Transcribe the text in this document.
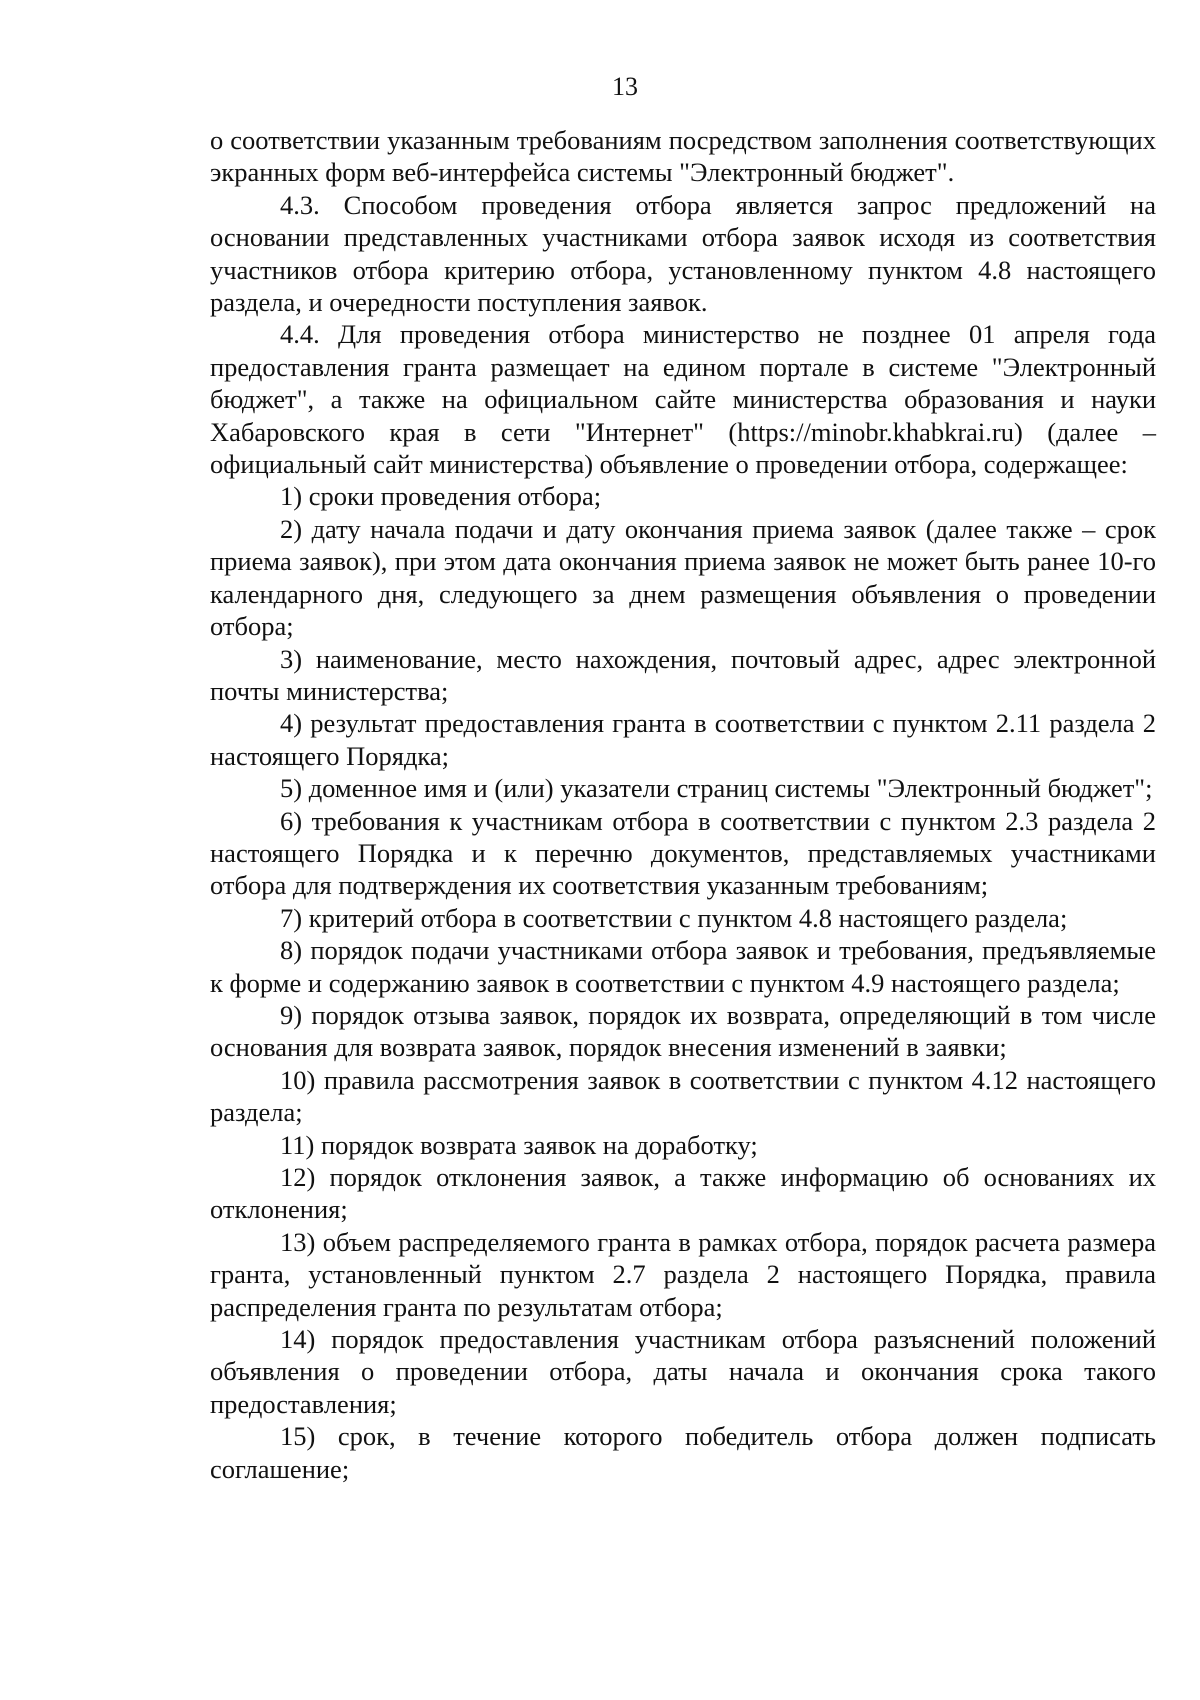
13

о соответствии указанным требованиям посредством заполнения соответствующих экранных форм веб-интерфейса системы "Электронный бюджет".

4.3. Способом проведения отбора является запрос предложений на основании представленных участниками отбора заявок исходя из соответствия участников отбора критерию отбора, установленному пунктом 4.8 настоящего раздела, и очередности поступления заявок.

4.4. Для проведения отбора министерство не позднее 01 апреля года предоставления гранта размещает на едином портале в системе "Электронный бюджет", а также на официальном сайте министерства образования и науки Хабаровского края в сети "Интернет" (https://minobr.khabkrai.ru) (далее – официальный сайт министерства) объявление о проведении отбора, содержащее:

1) сроки проведения отбора;

2) дату начала подачи и дату окончания приема заявок (далее также – срок приема заявок), при этом дата окончания приема заявок не может быть ранее 10-го календарного дня, следующего за днем размещения объявления о проведении отбора;

3) наименование, место нахождения, почтовый адрес, адрес электронной почты министерства;

4) результат предоставления гранта в соответствии с пунктом 2.11 раздела 2 настоящего Порядка;

5) доменное имя и (или) указатели страниц системы "Электронный бюджет";

6) требования к участникам отбора в соответствии с пунктом 2.3 раздела 2 настоящего Порядка и к перечню документов, представляемых участниками отбора для подтверждения их соответствия указанным требованиям;

7) критерий отбора в соответствии с пунктом 4.8 настоящего раздела;

8) порядок подачи участниками отбора заявок и требования, предъявляемые к форме и содержанию заявок в соответствии с пунктом 4.9 настоящего раздела;

9) порядок отзыва заявок, порядок их возврата, определяющий в том числе основания для возврата заявок, порядок внесения изменений в заявки;

10) правила рассмотрения заявок в соответствии с пунктом 4.12 настоящего раздела;

11) порядок возврата заявок на доработку;

12) порядок отклонения заявок, а также информацию об основаниях их отклонения;

13) объем распределяемого гранта в рамках отбора, порядок расчета размера гранта, установленный пунктом 2.7 раздела 2 настоящего Порядка, правила распределения гранта по результатам отбора;

14) порядок предоставления участникам отбора разъяснений положений объявления о проведении отбора, даты начала и окончания срока такого предоставления;

15) срок, в течение которого победитель отбора должен подписать соглашение;
